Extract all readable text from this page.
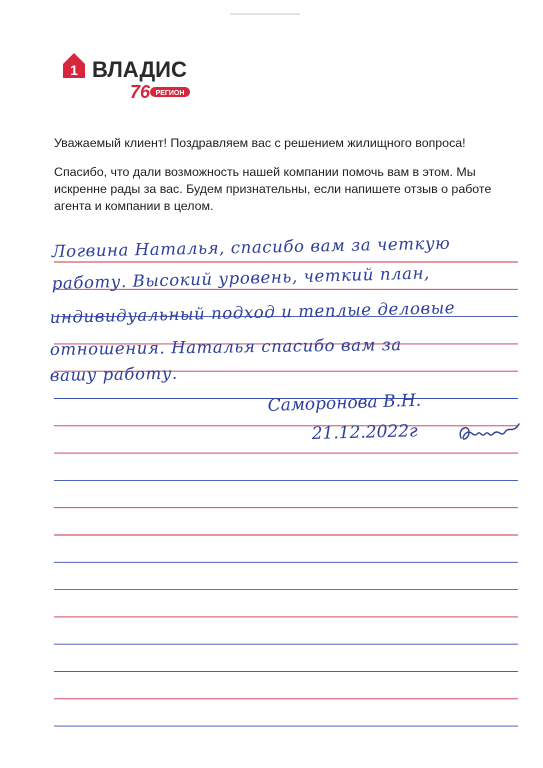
1 ВЛАДИС
76 РЕГИОН

Уважаемый клиент! Поздравляем вас с решением жилищного вопроса!

Спасибо, что дали возможность нашей компании помочь вам в этом. Мы искренне рады за вас. Будем признательны, если напишете отзыв о работе агента и компании в целом.

Логвина Наталья, спасибо вам за четкую
работу. Высокий уровень, четкий план,
индивидуальный подход и теплые деловые
отношения. Наталья спасибо вам за
вашу работу.
Саморонова В.Н.
21.12.2022г
